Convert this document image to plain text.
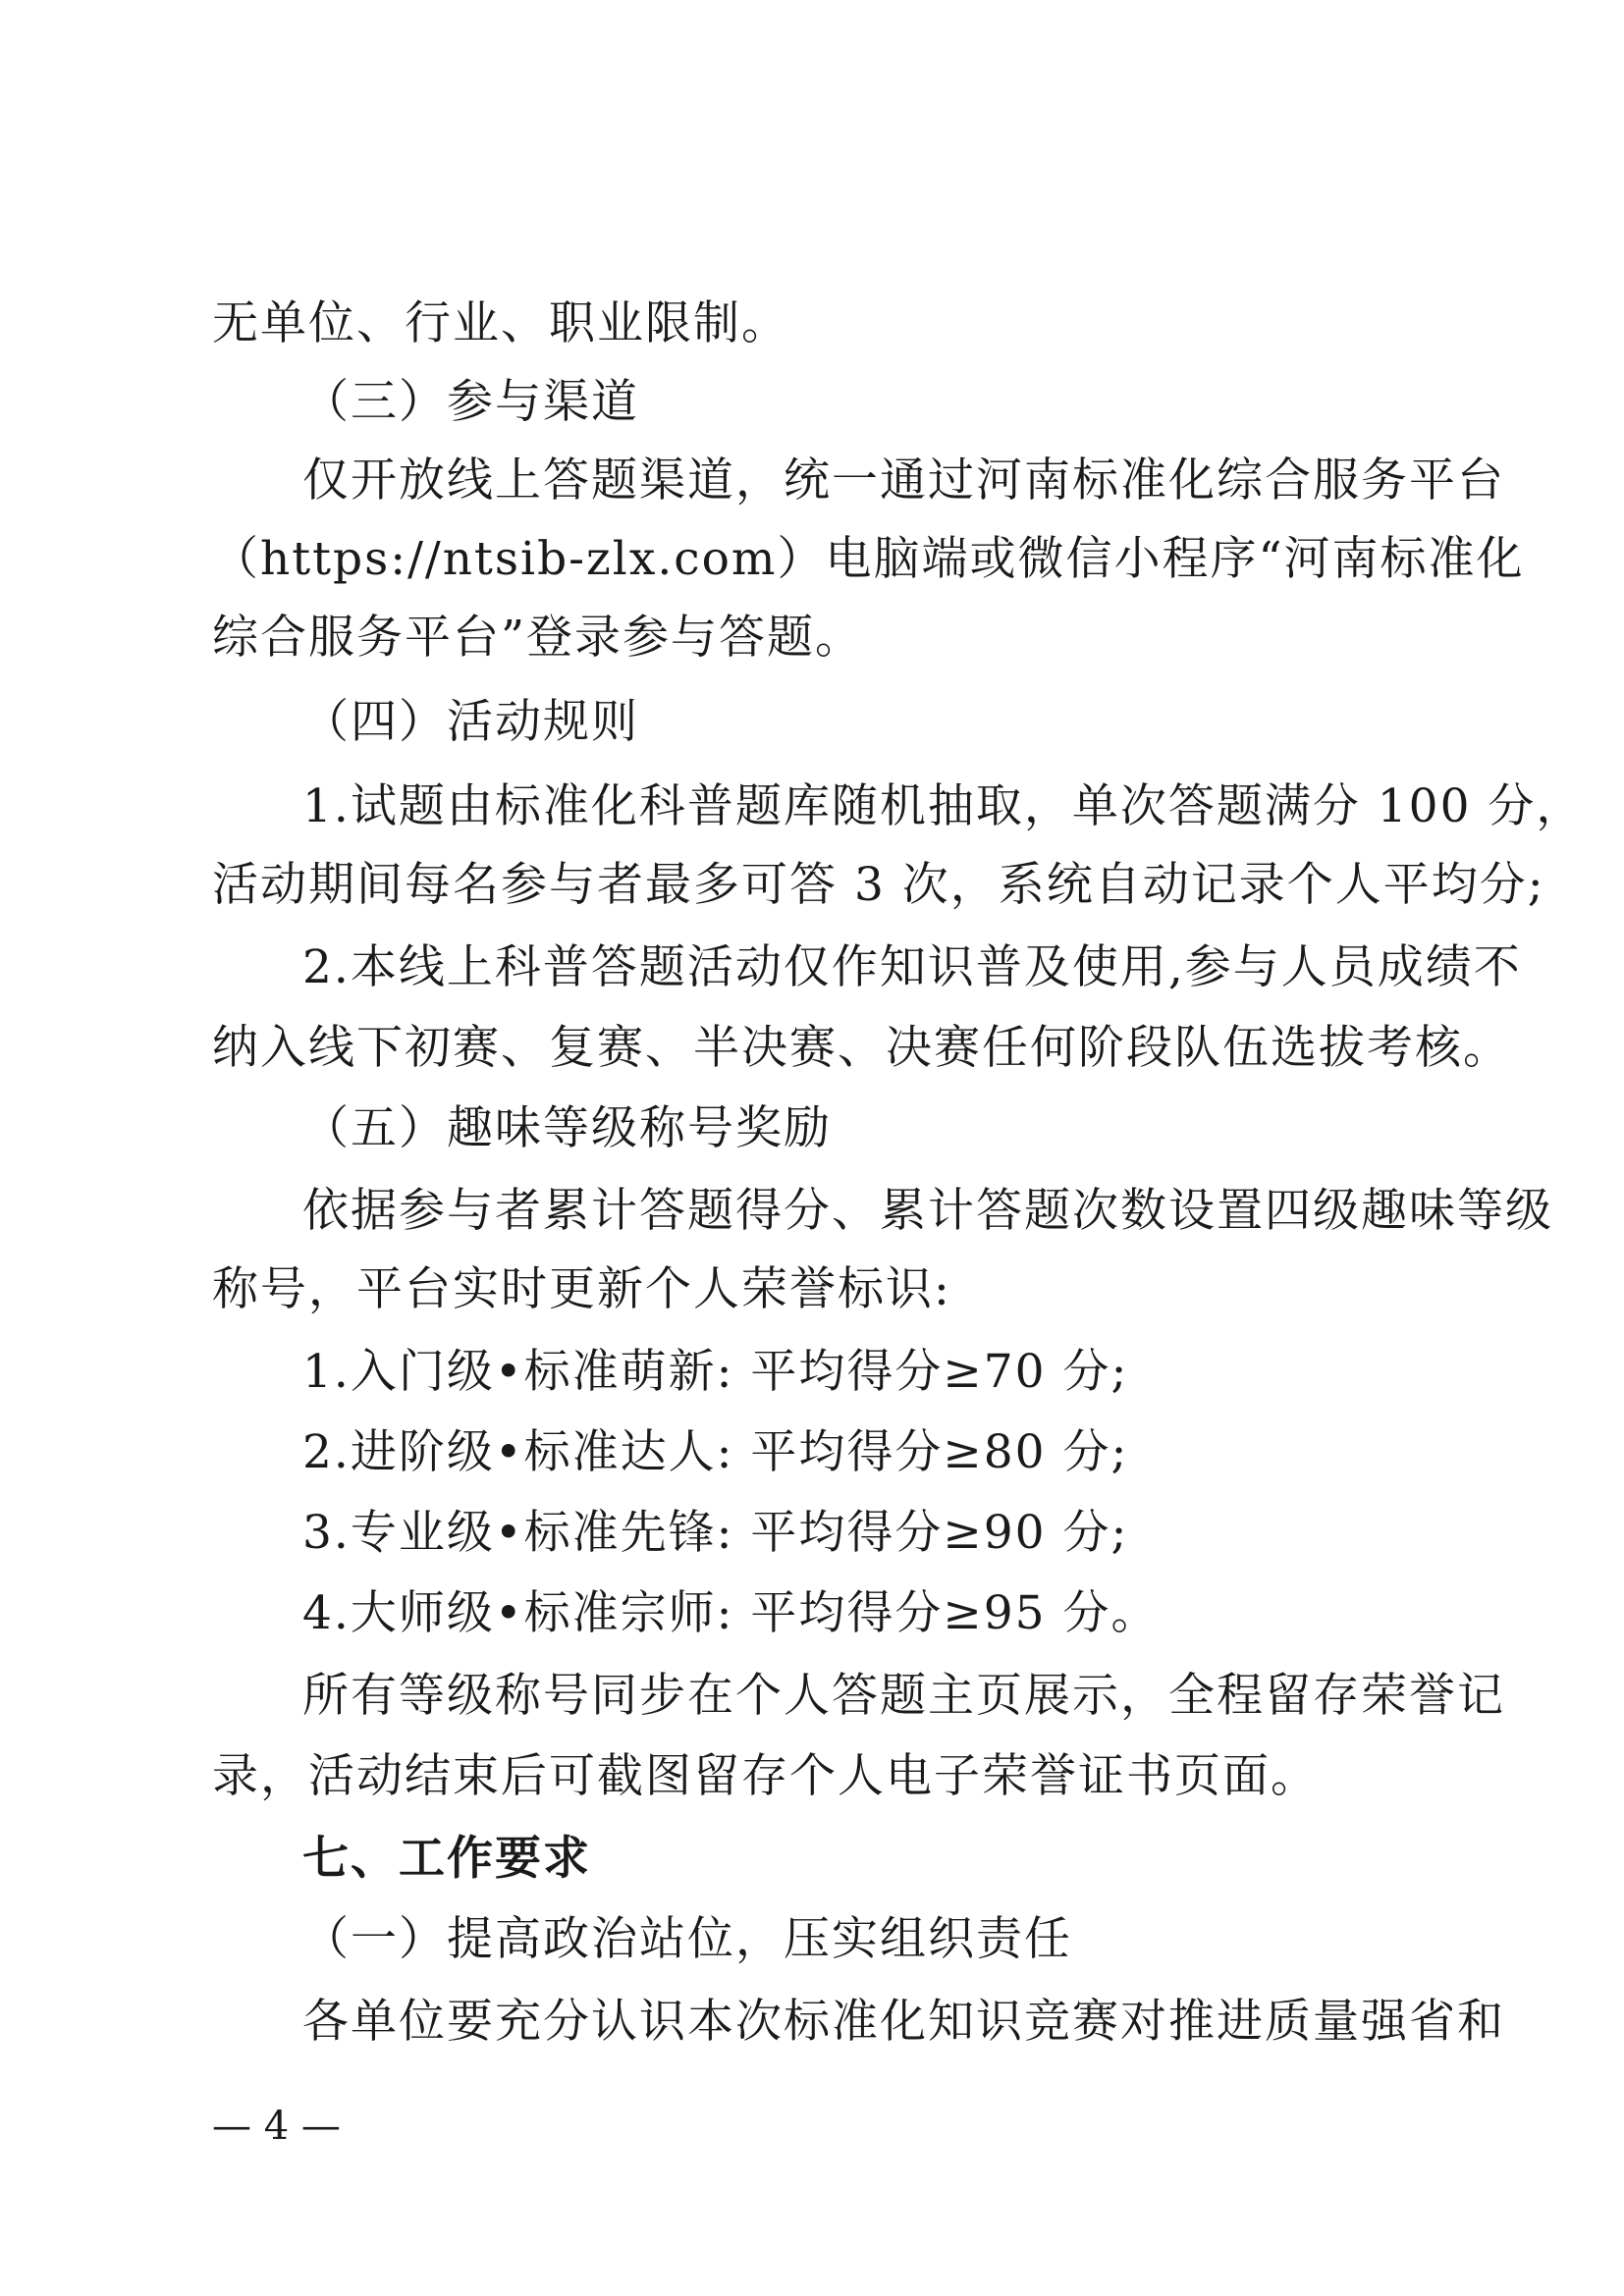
无单位、行业、职业限制。
（三）参与渠道
仅开放线上答题渠道，统一通过河南标准化综合服务平台
（https://ntsib-zlx.com）电脑端或微信小程序“河南标准化
综合服务平台”登录参与答题。
（四）活动规则
1.试题由标准化科普题库随机抽取，单次答题满分 100 分，
活动期间每名参与者最多可答 3 次，系统自动记录个人平均分;
2.本线上科普答题活动仅作知识普及使用,参与人员成绩不
纳入线下初赛、复赛、半决赛、决赛任何阶段队伍选拔考核。
（五）趣味等级称号奖励
依据参与者累计答题得分、累计答题次数设置四级趣味等级
称号，平台实时更新个人荣誉标识:
1.入门级•标准萌新: 平均得分≥70 分;
2.进阶级•标准达人: 平均得分≥80 分;
3.专业级•标准先锋: 平均得分≥90 分;
4.大师级•标准宗师: 平均得分≥95 分。
所有等级称号同步在个人答题主页展示，全程留存荣誉记
录，活动结束后可截图留存个人电子荣誉证书页面。
七、工作要求
（一）提高政治站位，压实组织责任
各单位要充分认识本次标准化知识竞赛对推进质量强省和
— 4 —
